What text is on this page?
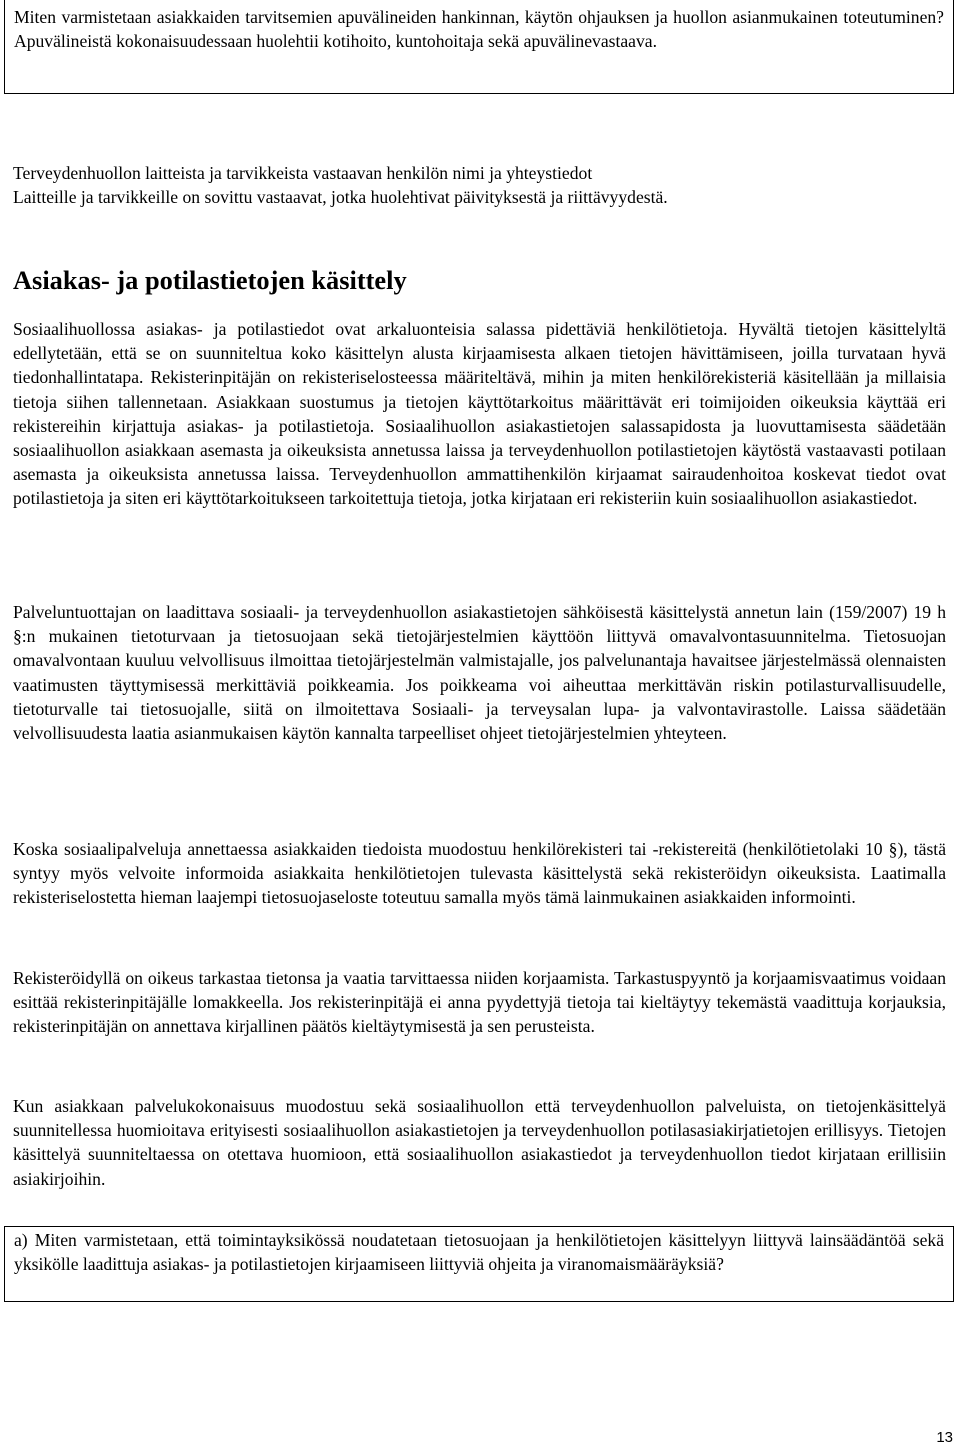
Miten varmistetaan asiakkaiden tarvitsemien apuvälineiden hankinnan, käytön ohjauksen ja huollon asianmukainen toteutuminen? Apuvälineistä kokonaisuudessaan huolehtii kotihoito, kuntohoitaja sekä apuvälinevastaava.

Terveydenhuollon laitteista ja tarvikkeista vastaavan henkilön nimi ja yhteystiedot

Laitteille ja tarvikkeille on sovittu vastaavat, jotka huolehtivat päivityksestä ja riittävyydestä.

Asiakas- ja potilastietojen käsittely

Sosiaalihuollossa asiakas- ja potilastiedot ovat arkaluonteisia salassa pidettäviä henkilötietoja. Hyvältä tietojen käsittelyltä edellytetään, että se on suunniteltua koko käsittelyn alusta kirjaamisesta alkaen tietojen hävittämiseen, joilla turvataan hyvä tiedonhallintatapa. Rekisterinpitäjän on rekisteriselosteessa määriteltävä, mihin ja miten henkilörekisteriä käsitellään ja millaisia tietoja siihen tallennetaan. Asiakkaan suostumus ja tietojen käyttötarkoitus määrittävät eri toimijoiden oikeuksia käyttää eri rekistereihin kirjattuja asiakas- ja potilastietoja. Sosiaalihuollon asiakastietojen salassapidosta ja luovuttamisesta säädetään sosiaalihuollon asiakkaan asemasta ja oikeuksista annetussa laissa ja terveydenhuollon potilastietojen käytöstä vastaavasti potilaan asemasta ja oikeuksista annetussa laissa. Terveydenhuollon ammattihenkilön kirjaamat sairaudenhoitoa koskevat tiedot ovat potilastietoja ja siten eri käyttötarkoitukseen tarkoitettuja tietoja, jotka kirjataan eri rekisteriin kuin sosiaalihuollon asiakastiedot.

Palveluntuottajan on laadittava sosiaali- ja terveydenhuollon asiakastietojen sähköisestä käsittelystä annetun lain (159/2007) 19 h §:n mukainen tietoturvaan ja tietosuojaan sekä tietojärjestelmien käyttöön liittyvä omavalvontasuunnitelma. Tietosuojan omavalvontaan kuuluu velvollisuus ilmoittaa tietojärjestelmän valmistajalle, jos palvelunantaja havaitsee järjestelmässä olennaisten vaatimusten täyttymisessä merkittäviä poikkeamia. Jos poikkeama voi aiheuttaa merkittävän riskin potilasturvallisuudelle, tietoturvalle tai tietosuojalle, siitä on ilmoitettava Sosiaali- ja terveysalan lupa- ja valvontavirastolle. Laissa säädetään velvollisuudesta laatia asianmukaisen käytön kannalta tarpeelliset ohjeet tietojärjestelmien yhteyteen.

Koska sosiaalipalveluja annettaessa asiakkaiden tiedoista muodostuu henkilörekisteri tai -rekistereitä (henkilötietolaki 10 §), tästä syntyy myös velvoite informoida asiakkaita henkilötietojen tulevasta käsittelystä sekä rekisteröidyn oikeuksista. Laatimalla rekisteriselostetta hieman laajempi tietosuojaseloste toteutuu samalla myös tämä lainmukainen asiakkaiden informointi.

Rekisteröidyllä on oikeus tarkastaa tietonsa ja vaatia tarvittaessa niiden korjaamista. Tarkastuspyyntö ja korjaamisvaatimus voidaan esittää rekisterinpitäjälle lomakkeella. Jos rekisterinpitäjä ei anna pyydettyjä tietoja tai kieltäytyy tekemästä vaadittuja korjauksia, rekisterinpitäjän on annettava kirjallinen päätös kieltäytymisestä ja sen perusteista.

Kun asiakkaan palvelukokonaisuus muodostuu sekä sosiaalihuollon että terveydenhuollon palveluista, on tietojenkäsittelyä suunnitellessa huomioitava erityisesti sosiaalihuollon asiakastietojen ja terveydenhuollon potilasasiakirjatietojen erillisyys. Tietojen käsittelyä suunniteltaessa on otettava huomioon, että sosiaalihuollon asiakastiedot ja terveydenhuollon tiedot kirjataan erillisiin asiakirjoihin.

a) Miten varmistetaan, että toimintayksikössä noudatetaan tietosuojaan ja henkilötietojen käsittelyyn liittyvä lainsäädäntöä sekä yksikölle laadittuja asiakas- ja potilastietojen kirjaamiseen liittyviä ohjeita ja viranomaismääräyksiä?

13
